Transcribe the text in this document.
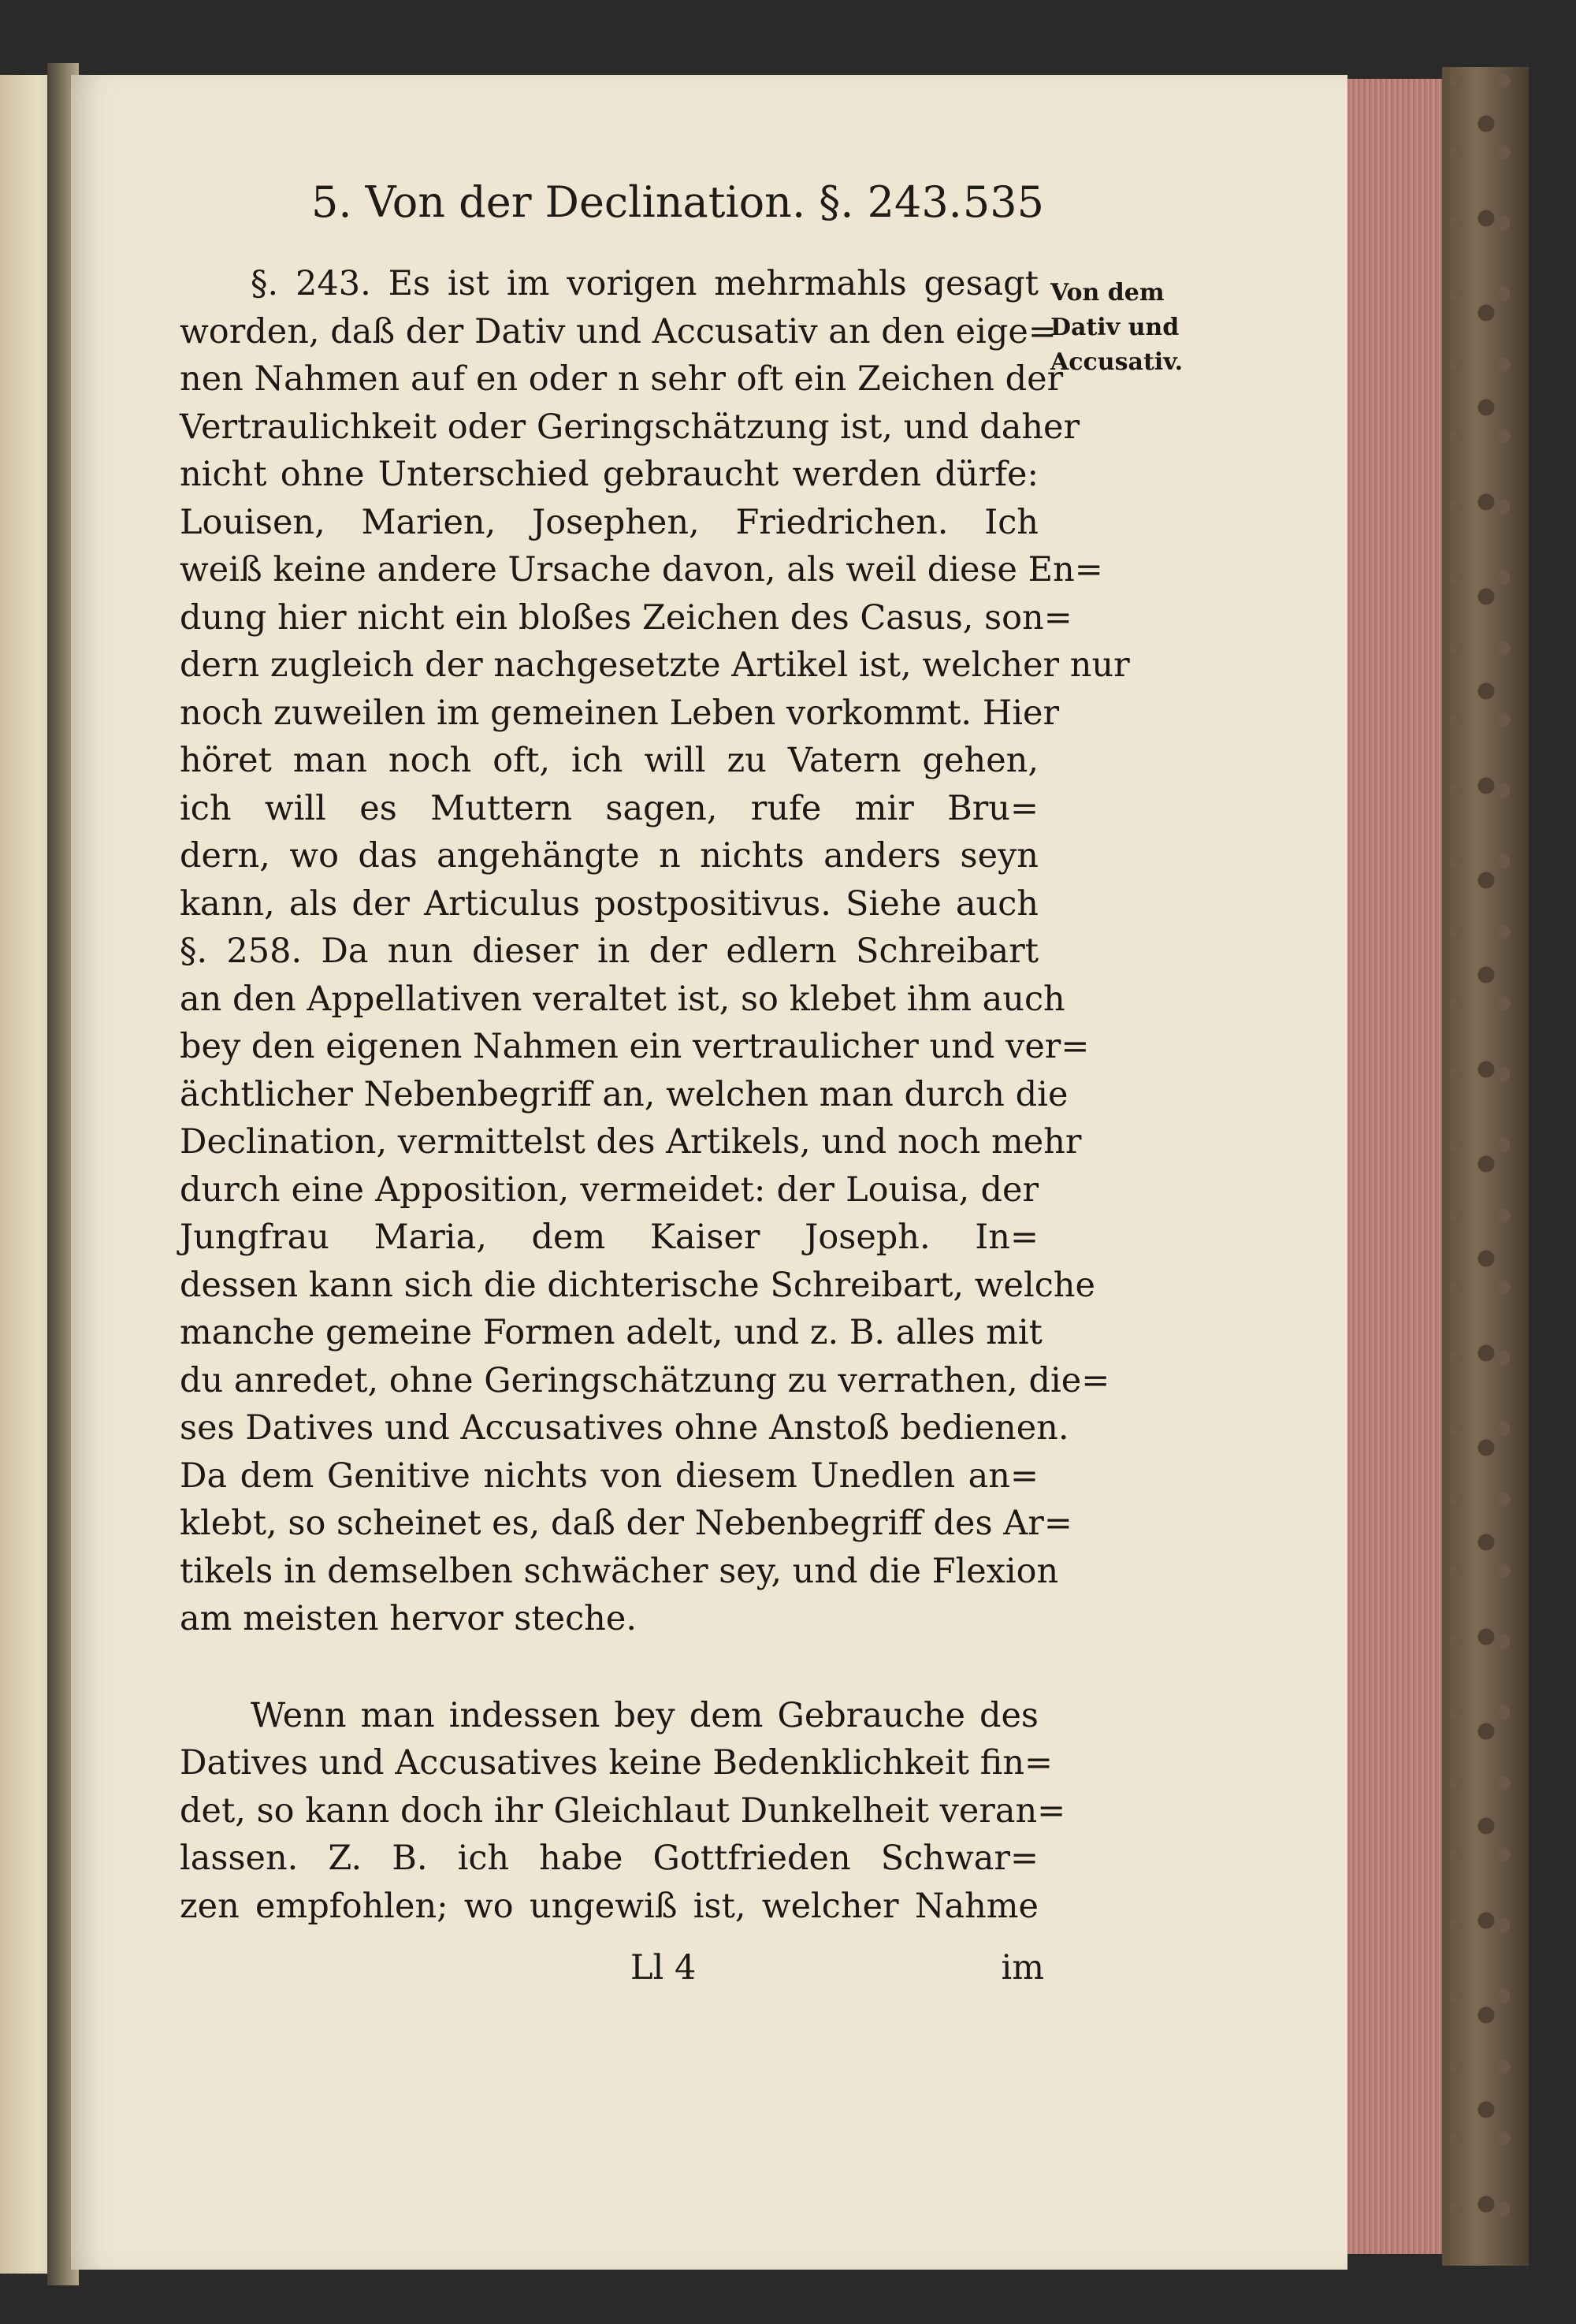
5. Von der Declination. §. 243. 535
Von dem
Dativ und
Accusativ.
§. 243. Es ist im vorigen mehrmahls gesagt
worden, daß der Dativ und Accusativ an den eige=
nen Nahmen auf en oder n sehr oft ein Zeichen der
Vertraulichkeit oder Geringschätzung ist, und daher
nicht ohne Unterschied gebraucht werden dürfe:
Louisen, Marien, Josephen, Friedrichen. Ich
weiß keine andere Ursache davon, als weil diese En=
dung hier nicht ein bloßes Zeichen des Casus, son=
dern zugleich der nachgesetzte Artikel ist, welcher nur
noch zuweilen im gemeinen Leben vorkommt. Hier
höret man noch oft, ich will zu Vatern gehen,
ich will es Muttern sagen, rufe mir Bru=
dern, wo das angehängte n nichts anders seyn
kann, als der Articulus postpositivus. Siehe auch
§. 258. Da nun dieser in der edlern Schreibart
an den Appellativen veraltet ist, so klebet ihm auch
bey den eigenen Nahmen ein vertraulicher und ver=
ächtlicher Nebenbegriff an, welchen man durch die
Declination, vermittelst des Artikels, und noch mehr
durch eine Apposition, vermeidet: der Louisa, der
Jungfrau Maria, dem Kaiser Joseph. In=
dessen kann sich die dichterische Schreibart, welche
manche gemeine Formen adelt, und z. B. alles mit
du anredet, ohne Geringschätzung zu verrathen, die=
ses Datives und Accusatives ohne Anstoß bedienen.
Da dem Genitive nichts von diesem Unedlen an=
klebt, so scheinet es, daß der Nebenbegriff des Ar=
tikels in demselben schwächer sey, und die Flexion
am meisten hervor steche.
Wenn man indessen bey dem Gebrauche des
Datives und Accusatives keine Bedenklichkeit fin=
det, so kann doch ihr Gleichlaut Dunkelheit veran=
lassen. Z. B. ich habe Gottfrieden Schwar=
zen empfohlen; wo ungewiß ist, welcher Nahme
Ll 4	im
